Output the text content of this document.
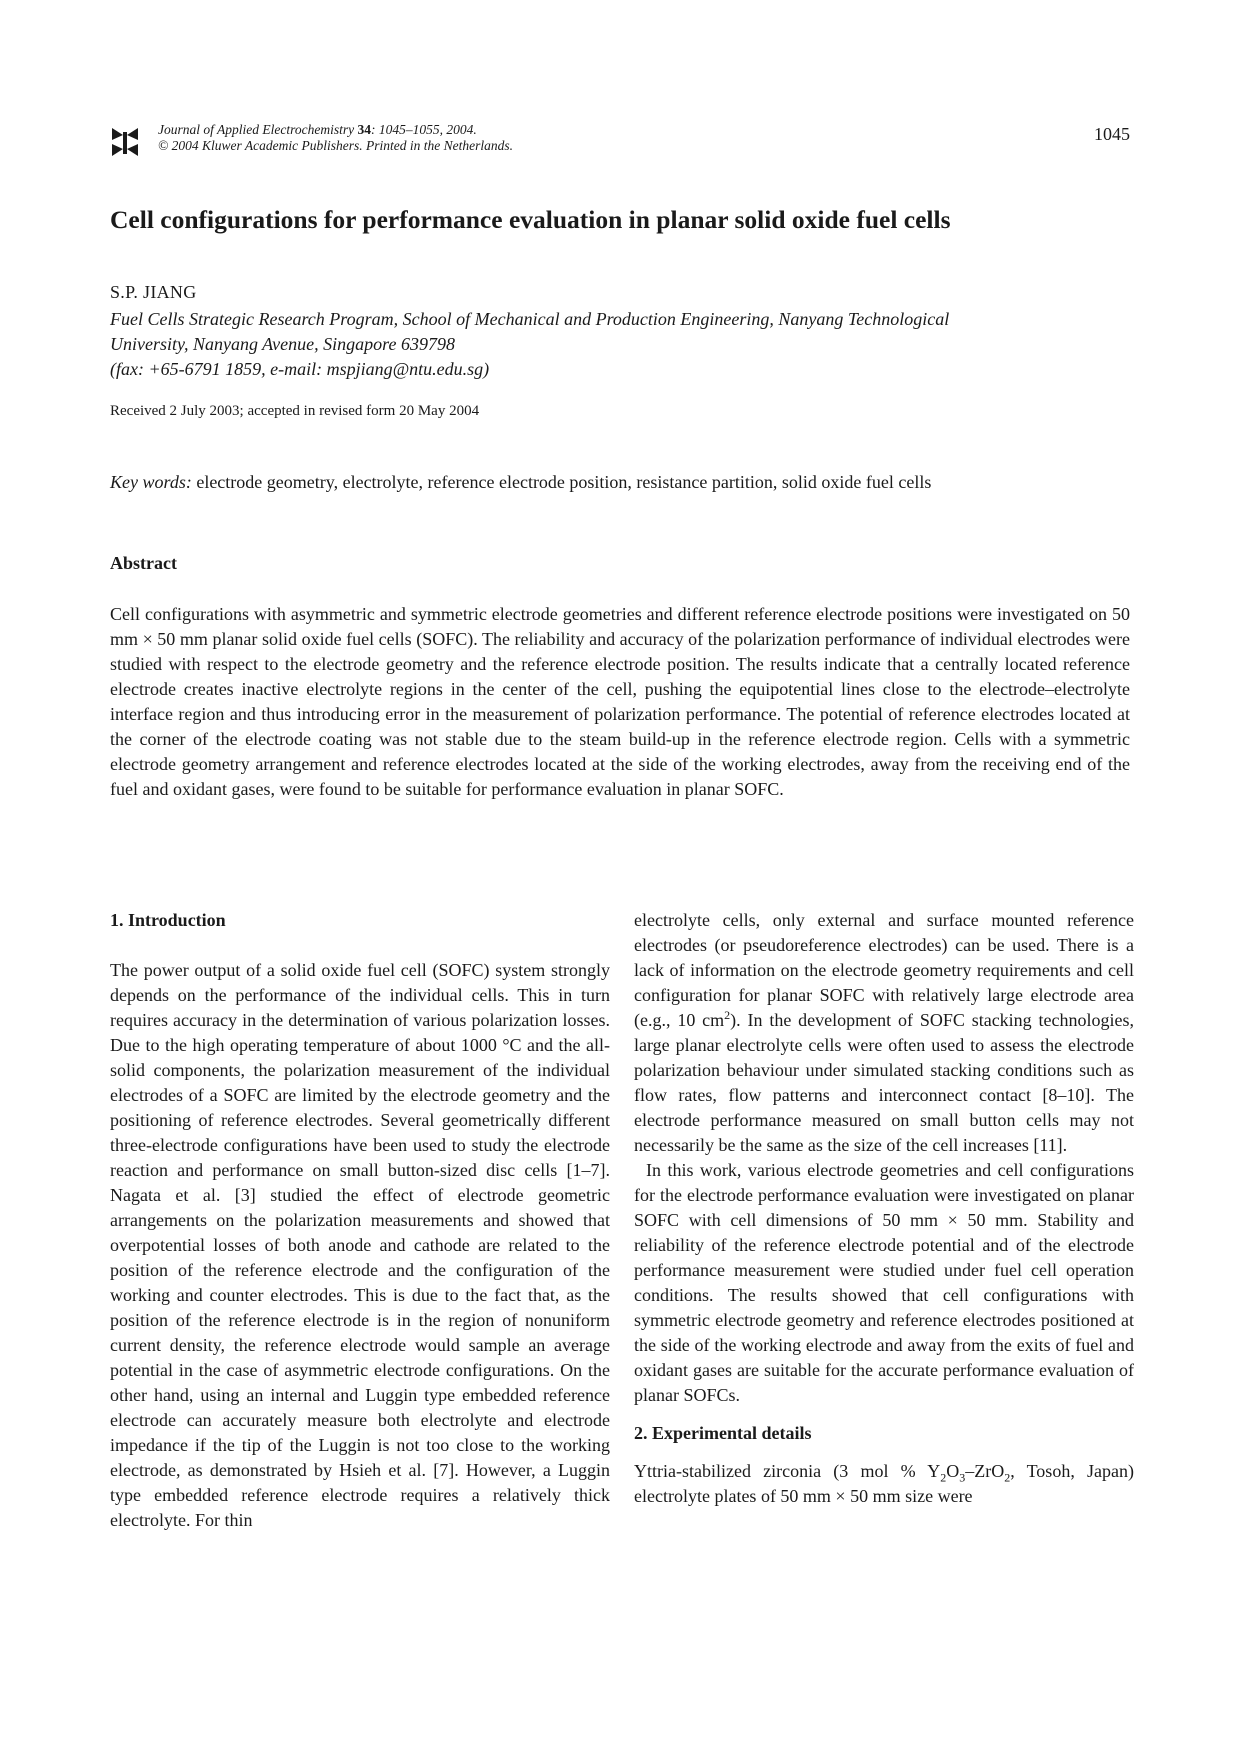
Journal of Applied Electrochemistry 34: 1045–1055, 2004.
© 2004 Kluwer Academic Publishers. Printed in the Netherlands.
1045
Cell configurations for performance evaluation in planar solid oxide fuel cells
S.P. JIANG
Fuel Cells Strategic Research Program, School of Mechanical and Production Engineering, Nanyang Technological
University, Nanyang Avenue, Singapore 639798
(fax: +65-6791 1859, e-mail: mspjiang@ntu.edu.sg)
Received 2 July 2003; accepted in revised form 20 May 2004
Key words: electrode geometry, electrolyte, reference electrode position, resistance partition, solid oxide fuel cells
Abstract
Cell configurations with asymmetric and symmetric electrode geometries and different reference electrode positions were investigated on 50 mm × 50 mm planar solid oxide fuel cells (SOFC). The reliability and accuracy of the polarization performance of individual electrodes were studied with respect to the electrode geometry and the reference electrode position. The results indicate that a centrally located reference electrode creates inactive electrolyte regions in the center of the cell, pushing the equipotential lines close to the electrode–electrolyte interface region and thus introducing error in the measurement of polarization performance. The potential of reference electrodes located at the corner of the electrode coating was not stable due to the steam build-up in the reference electrode region. Cells with a symmetric electrode geometry arrangement and reference electrodes located at the side of the working electrodes, away from the receiving end of the fuel and oxidant gases, were found to be suitable for performance evaluation in planar SOFC.
1. Introduction

The power output of a solid oxide fuel cell (SOFC) system strongly depends on the performance of the individual cells. This in turn requires accuracy in the determination of various polarization losses. Due to the high operating temperature of about 1000 °C and the all-solid components, the polarization measurement of the individual electrodes of a SOFC are limited by the electrode geometry and the positioning of reference electrodes. Several geometrically different three-electrode configurations have been used to study the electrode reaction and performance on small button-sized disc cells [1–7]. Nagata et al. [3] studied the effect of electrode geometric arrangements on the polarization measurements and showed that overpotential losses of both anode and cathode are related to the position of the reference electrode and the configuration of the working and counter electrodes. This is due to the fact that, as the position of the reference electrode is in the region of nonuniform current density, the reference electrode would sample an average potential in the case of asymmetric electrode configurations. On the other hand, using an internal and Luggin type embedded reference electrode can accurately measure both electrolyte and electrode impedance if the tip of the Luggin is not too close to the working electrode, as demonstrated by Hsieh et al. [7]. However, a Luggin type embedded reference electrode requires a relatively thick electrolyte. For thin

electrolyte cells, only external and surface mounted reference electrodes (or pseudoreference electrodes) can be used. There is a lack of information on the electrode geometry requirements and cell configuration for planar SOFC with relatively large electrode area (e.g., 10 $cm^2$). In the development of SOFC stacking technologies, large planar electrolyte cells were often used to assess the electrode polarization behaviour under simulated stacking conditions such as flow rates, flow patterns and interconnect contact [8–10]. The electrode performance measured on small button cells may not necessarily be the same as the size of the cell increases [11].

In this work, various electrode geometries and cell configurations for the electrode performance evaluation were investigated on planar SOFC with cell dimensions of 50 mm × 50 mm. Stability and reliability of the reference electrode potential and of the electrode performance measurement were studied under fuel cell operation conditions. The results showed that cell configurations with symmetric electrode geometry and reference electrodes positioned at the side of the working electrode and away from the exits of fuel and oxidant gases are suitable for the accurate performance evaluation of planar SOFCs.

2. Experimental details

Yttria-stabilized zirconia (3 mol % $Y_2O_3-ZrO_2$, Tosoh, Japan) electrolyte plates of 50 mm × 50 mm size were
